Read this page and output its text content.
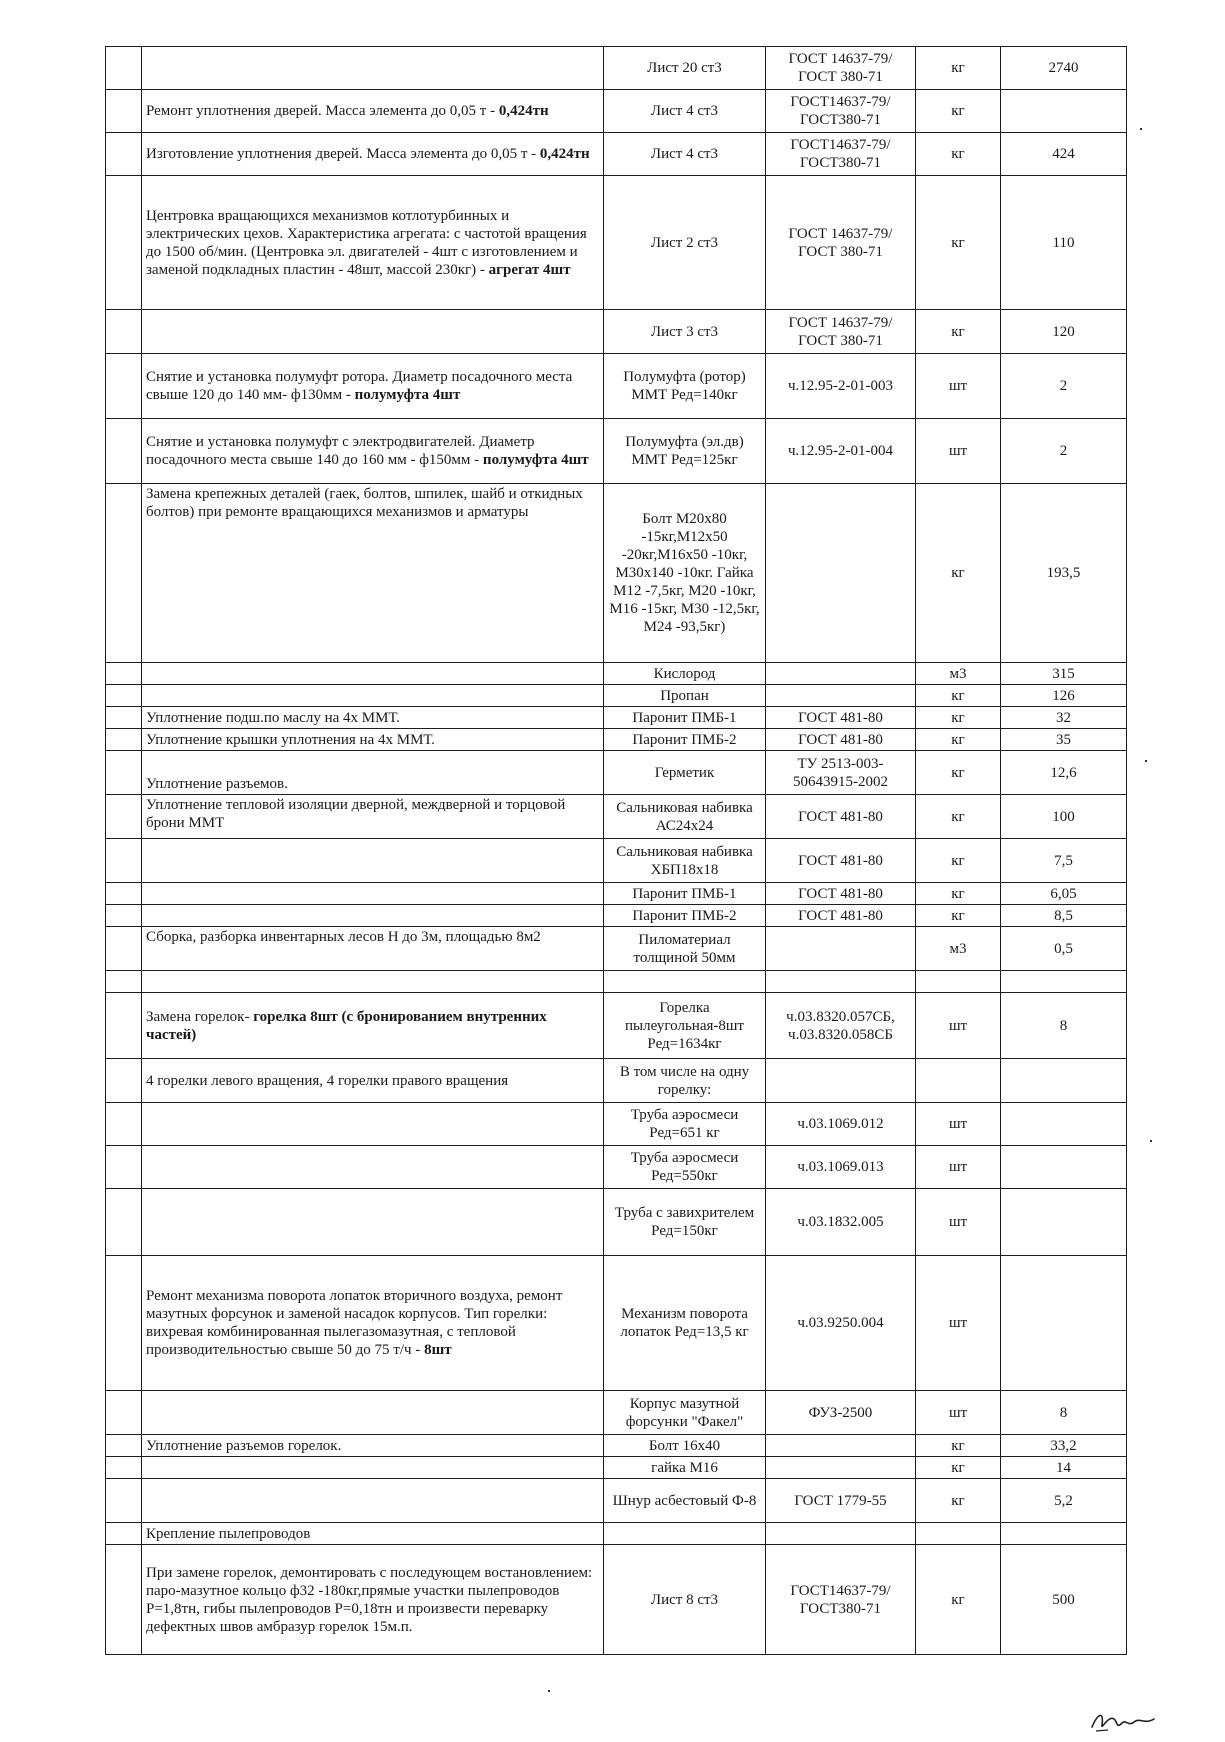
		Лист 20 ст3	ГОСТ 14637-79/ГОСТ 380-71	кг	2740
	Ремонт уплотнения дверей. Масса элемента до 0,05 т - 0,424тн	Лист 4 ст3	ГОСТ14637-79/ГОСТ380-71	кг	
	Изготовление уплотнения дверей. Масса элемента до 0,05 т - 0,424тн	Лист 4 ст3	ГОСТ14637-79/ГОСТ380-71	кг	424
	Центровка вращающихся механизмов котлотурбинных и электрических цехов. Характеристика агрегата: с частотой вращения до 1500 об/мин. (Центровка эл. двигателей - 4шт с изготовлением и заменой подкладных пластин - 48шт, массой 230кг) - агрегат 4шт	Лист 2 ст3	ГОСТ 14637-79/ГОСТ 380-71	кг	110
		Лист 3 ст3	ГОСТ 14637-79/ГОСТ 380-71	кг	120
	Снятие и установка полумуфт ротора. Диаметр посадочного места свыше 120 до 140 мм- ф130мм - полумуфта 4шт	Полумуфта (ротор) ММТ Ред=140кг	ч.12.95-2-01-003	шт	2
	Снятие и установка полумуфт с электродвигателей. Диаметр посадочного места свыше 140 до 160 мм - ф150мм - полумуфта 4шт	Полумуфта (эл.дв) ММТ Ред=125кг	ч.12.95-2-01-004	шт	2
	Замена крепежных деталей (гаек, болтов, шпилек, шайб и откидных болтов) при ремонте вращающихся механизмов и арматуры	Болт М20х80 -15кг,М12х50 -20кг,М16х50 -10кг, М30х140 -10кг. Гайка М12 -7,5кг, М20 -10кг, М16 -15кг, М30 -12,5кг, М24 -93,5кг)		кг	193,5
		Кислород		м3	315
		Пропан		кг	126
	Уплотнение подш.по маслу на 4х ММТ.	Паронит ПМБ-1	ГОСТ 481-80	кг	32
	Уплотнение крышки уплотнения на 4х ММТ.	Паронит ПМБ-2	ГОСТ 481-80	кг	35
	Уплотнение разъемов.	Герметик	ТУ 2513-003-50643915-2002	кг	12,6
	Уплотнение тепловой изоляции дверной, междверной и торцовой брони ММТ	Сальниковая набивка АС24х24	ГОСТ 481-80	кг	100
		Сальниковая набивка ХБП18х18	ГОСТ 481-80	кг	7,5
		Паронит ПМБ-1	ГОСТ 481-80	кг	6,05
		Паронит ПМБ-2	ГОСТ 481-80	кг	8,5
	Сборка, разборка инвентарных лесов Н до 3м, площадью 8м2	Пиломатериал толщиной 50мм		м3	0,5

	Замена горелок- горелка 8шт (с бронированием внутренних частей)	Горелка пылеугольная-8шт Ред=1634кг	ч.03.8320.057СБ, ч.03.8320.058СБ	шт	8
	4 горелки левого вращения, 4 горелки правого вращения	В том числе на одну горелку:			
		Труба аэросмеси Ред=651 кг	ч.03.1069.012	шт	
		Труба аэросмеси Ред=550кг	ч.03.1069.013	шт	
		Труба с завихрителем Ред=150кг	ч.03.1832.005	шт	
	Ремонт механизма поворота лопаток вторичного воздуха, ремонт мазутных форсунок и заменой насадок корпусов. Тип горелки: вихревая комбинированная пылегазомазутная, с тепловой производительностью свыше 50 до 75 т/ч - 8шт	Механизм поворота лопаток Ред=13,5 кг	ч.03.9250.004	шт	
		Корпус мазутной форсунки "Факел"	ФУЗ-2500	шт	8
	Уплотнение разъемов горелок.	Болт 16х40		кг	33,2
		гайка М16		кг	14
		Шнур асбестовый Ф-8	ГОСТ 1779-55	кг	5,2
	Крепление пылепроводов				
	При замене горелок, демонтировать с последующем востановлением: паро-мазутное кольцо ф32 -180кг,прямые участки пылепроводов Р=1,8тн, гибы пылепроводов Р=0,18тн и произвести переварку дефектных швов амбразур горелок 15м.п.	Лист 8 ст3	ГОСТ14637-79/ГОСТ380-71	кг	500
